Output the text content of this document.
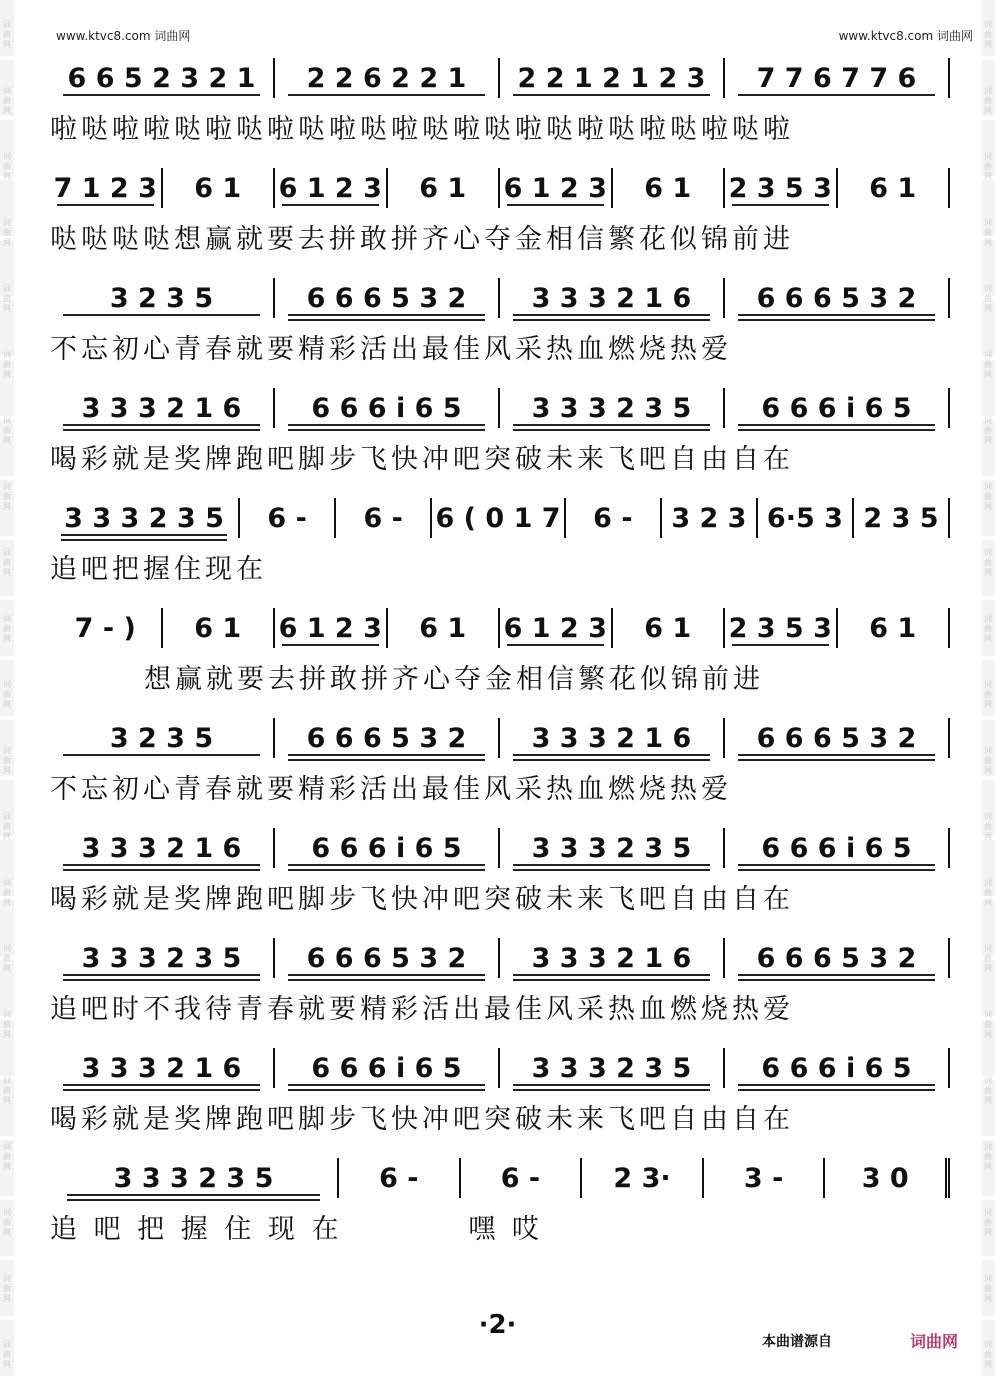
词曲网
词曲网
词曲网
词曲网
词曲网
词曲网
词曲网
词曲网
词曲网
词曲网
词曲网
词曲网
词曲网
词曲网
词曲网
词曲网
词曲网
词曲网
词曲网
词曲网
词曲网
词曲网
词曲网
词曲网
词曲网
词曲网
词曲网
词曲网
词曲网
词曲网
词曲网
词曲网
词曲网
词曲网
词曲网
词曲网
词曲网
词曲网
词曲网
词曲网
词曲网
词曲网
www.ktvc8.com 词曲网	www.ktvc8.com 词曲网
6 6 5 2 3 2 1 2 2 6 2 2 1 2 2 1 2 1 2 3 7 7 6 7 7 6
啦哒啦啦哒啦哒啦哒啦哒啦哒啦哒啦哒啦哒啦哒啦哒啦
7 1 2 3 6 1 6 1 2 3 6 1 6 1 2 3 6 1 2 3 5 3 6 1
哒哒哒哒想赢就要去拼敢拼齐心夺金相信繁花似锦前进
3 2 3 5	6 6 6 5 3 2 3 3 3 2 1 6 6 6 6 5 3 2
不忘初心青春就要精彩活出最佳风采热血燃烧热爱
3 3 3 2 1 6	6 6 6 i 6 5	3 3 3 2 3 5	6 6 6 i 6 5
喝彩就是奖牌跑吧脚步飞快冲吧突破未来飞吧自由自在
3 3 3 2 3 5 6 - 6 - 6 ( 0 1 7 6 - 3 2 3 6·5 3 2 3 5
追吧把握住现在
7 - ) 6 1 6 1 2 3 6 1 6 1 2 3 6 1 2 3 5 3 6 1
想赢就要去拼敢拼齐心夺金相信繁花似锦前进
3 2 3 5	6 6 6 5 3 2 3 3 3 2 1 6 6 6 6 5 3 2
不忘初心青春就要精彩活出最佳风采热血燃烧热爱
3 3 3 2 1 6	6 6 6 i 6 5	3 3 3 2 3 5	6 6 6 i 6 5
喝彩就是奖牌跑吧脚步飞快冲吧突破未来飞吧自由自在
3 3 3 2 3 5 6 6 6 5 3 2 3 3 3 2 1 6 6 6 6 5 3 2
追吧时不我待青春就要精彩活出最佳风采热血燃烧热爱
3 3 3 2 1 6	6 6 6 i 6 5	3 3 3 2 3 5	6 6 6 i 6 5
喝彩就是奖牌跑吧脚步飞快冲吧突破未来飞吧自由自在
3 3 3 2 3 5	6 -	6 -	2 3·	3 -	3 0
追 吧 把 握 住 现 在          嘿 哎
·2·
本曲谱源自	词曲网
